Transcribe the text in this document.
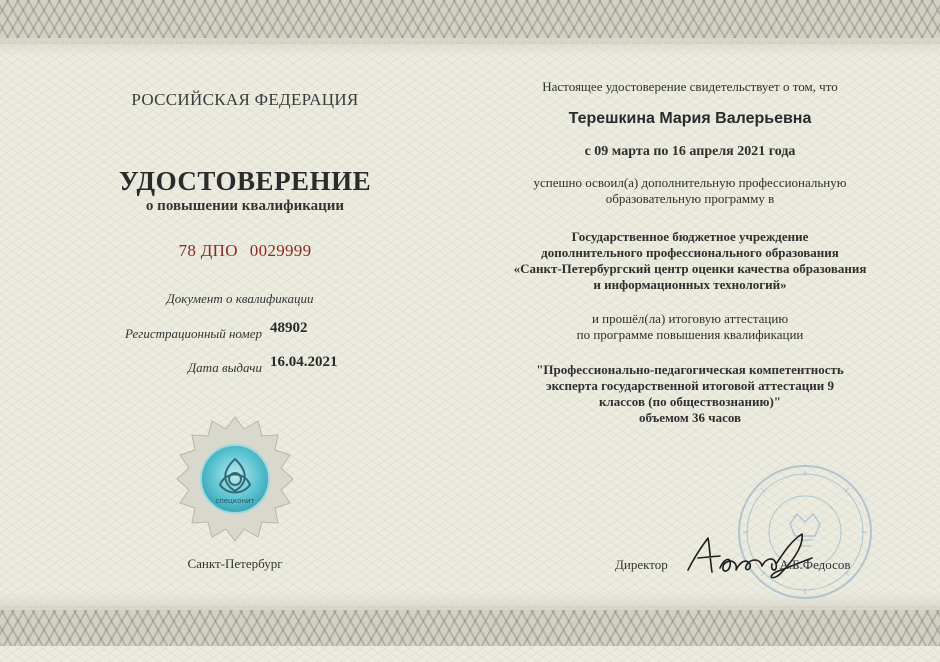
РОССИЙСКАЯ ФЕДЕРАЦИЯ
УДОСТОВЕРЕНИЕ
о повышении квалификации
78 ДПО 0029999
Документ о квалификации
Регистрационный номер 48902
Дата выдачи 16.04.2021
спецконит
Санкт-Петербург
Настоящее удостоверение свидетельствует о том, что
Терешкина Мария Валерьевна
с 09 марта по 16 апреля 2021 года
успешно освоил(а) дополнительную профессиональную
образовательную программу в
Государственное бюджетное учреждение
дополнительного профессионального образования
«Санкт-Петербургский центр оценки качества образования
и информационных технологий»
и прошёл(ла) итоговую аттестацию
по программе повышения квалификации
"Профессионально-педагогическая компетентность
эксперта государственной итоговой аттестации 9
классов (по обществознанию)"
объемом 36 часов
Директор	А.Б.Федосов
